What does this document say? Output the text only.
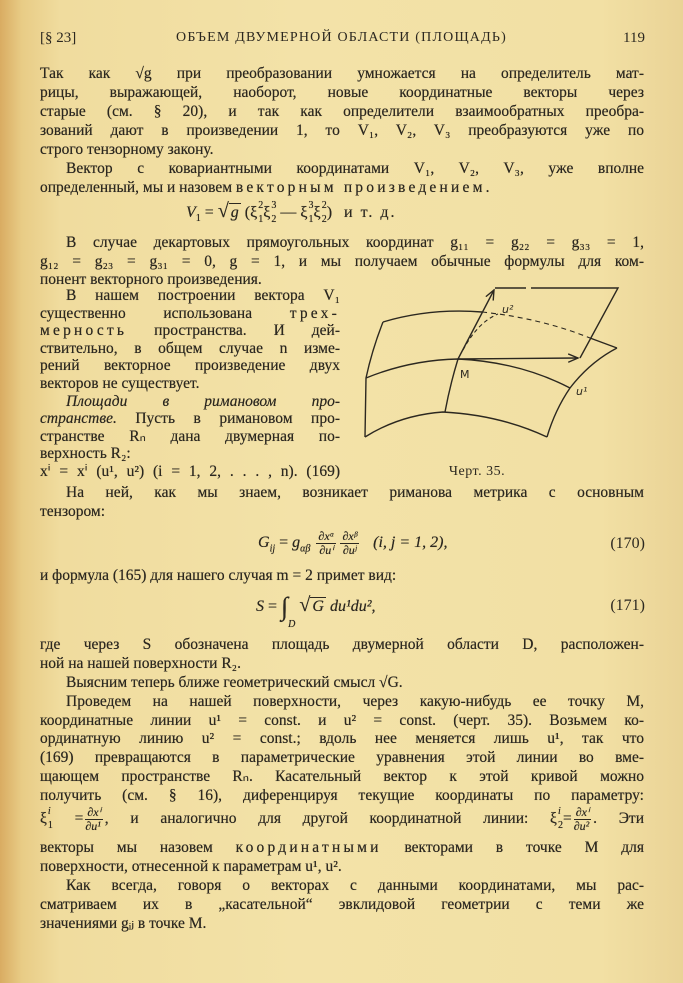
[§ 23]	ОБЪЕМ ДВУМЕРНОЙ ОБЛАСТИ (ПЛОЩАДЬ)	119
Так как √g при преобразовании умножается на определитель мат-
рицы, выражающей, наоборот, новые координатные векторы через
старые (см. § 20), и так как определители взаимообратных преобра-
зований дают в произведении 1, то V₁, V₂, V₃ преобразуются уже по
строго тензорному закону.
Вектор с ковариантными координатами V₁, V₂, V₃, уже вполне
определенный, мы и назовем векторным произведением.
В случае декартовых прямоугольных координат g₁₁ = g₂₂ = g₃₃ = 1,
g₁₂ = g₂₃ = g₃₁ = 0, g = 1, и мы получаем обычные формулы для ком-
понент векторного произведения.
В нашем построении вектора V₁
существенно использована трех-
мерность пространства. И дей-
ствительно, в общем случае n изме-
рений векторное произведение двух
векторов не существует.
Площади в римановом про-
странстве. Пусть в римановом про-
странстве Rₙ дана двумерная по-
верхность R₂:
xⁱ = xⁱ (u¹, u²) (i = 1, 2, . . . , n). (169)
На ней, как мы знаем, возникает риманова метрика с основным
тензором:
и формула (165) для нашего случая m = 2 примет вид:
где через S обозначена площадь двумерной области D, расположен-
ной на нашей поверхности R₂.
Выясним теперь ближе геометрический смысл √G.
Проведем на нашей поверхности, через какую-нибудь ее точку M,
координатные линии u¹ = const. и u² = const. (черт. 35). Возьмем ко-
ординатную линию u² = const.; вдоль нее меняется лишь u¹, так что
(169) превращаются в параметрические уравнения этой линии во вме-
щающем пространстве Rₙ. Касательный вектор к этой кривой можно
получить (см. § 16), диференцируя текущие координаты по параметру:
векторы мы назовем координатными векторами в точке M для
поверхности, отнесенной к параметрам u¹, u².
Как всегда, говоря о векторах с данными координатами, мы рас-
сматриваем их в „касательной“ эвклидовой геометрии с теми же
значениями gᵢⱼ в точке M.
$V_1$ = √ g (ξ 2
1 ξ 3
2 — ξ 3
1 ξ 2
2 ) и т. д.
$G_{ij} = g_{\alpha\beta} \frac{\text{∂xᵅ}}{\text{∂uⁱ}} \frac{\text{∂xᵝ}}{\text{∂uʲ}} (i$, j = 1, 2),	(170)
S = ∫D √ G du¹du²,	(171)
ξ i
$1 = \frac{\text{∂xⁱ}}{\text{∂u¹}}$ , и аналогично для другой координатной линии: ξ i
$2 = \frac{\text{∂xⁱ}}{\text{∂u²}}$ . Эти
u²
M
u¹
Черт. 35.
